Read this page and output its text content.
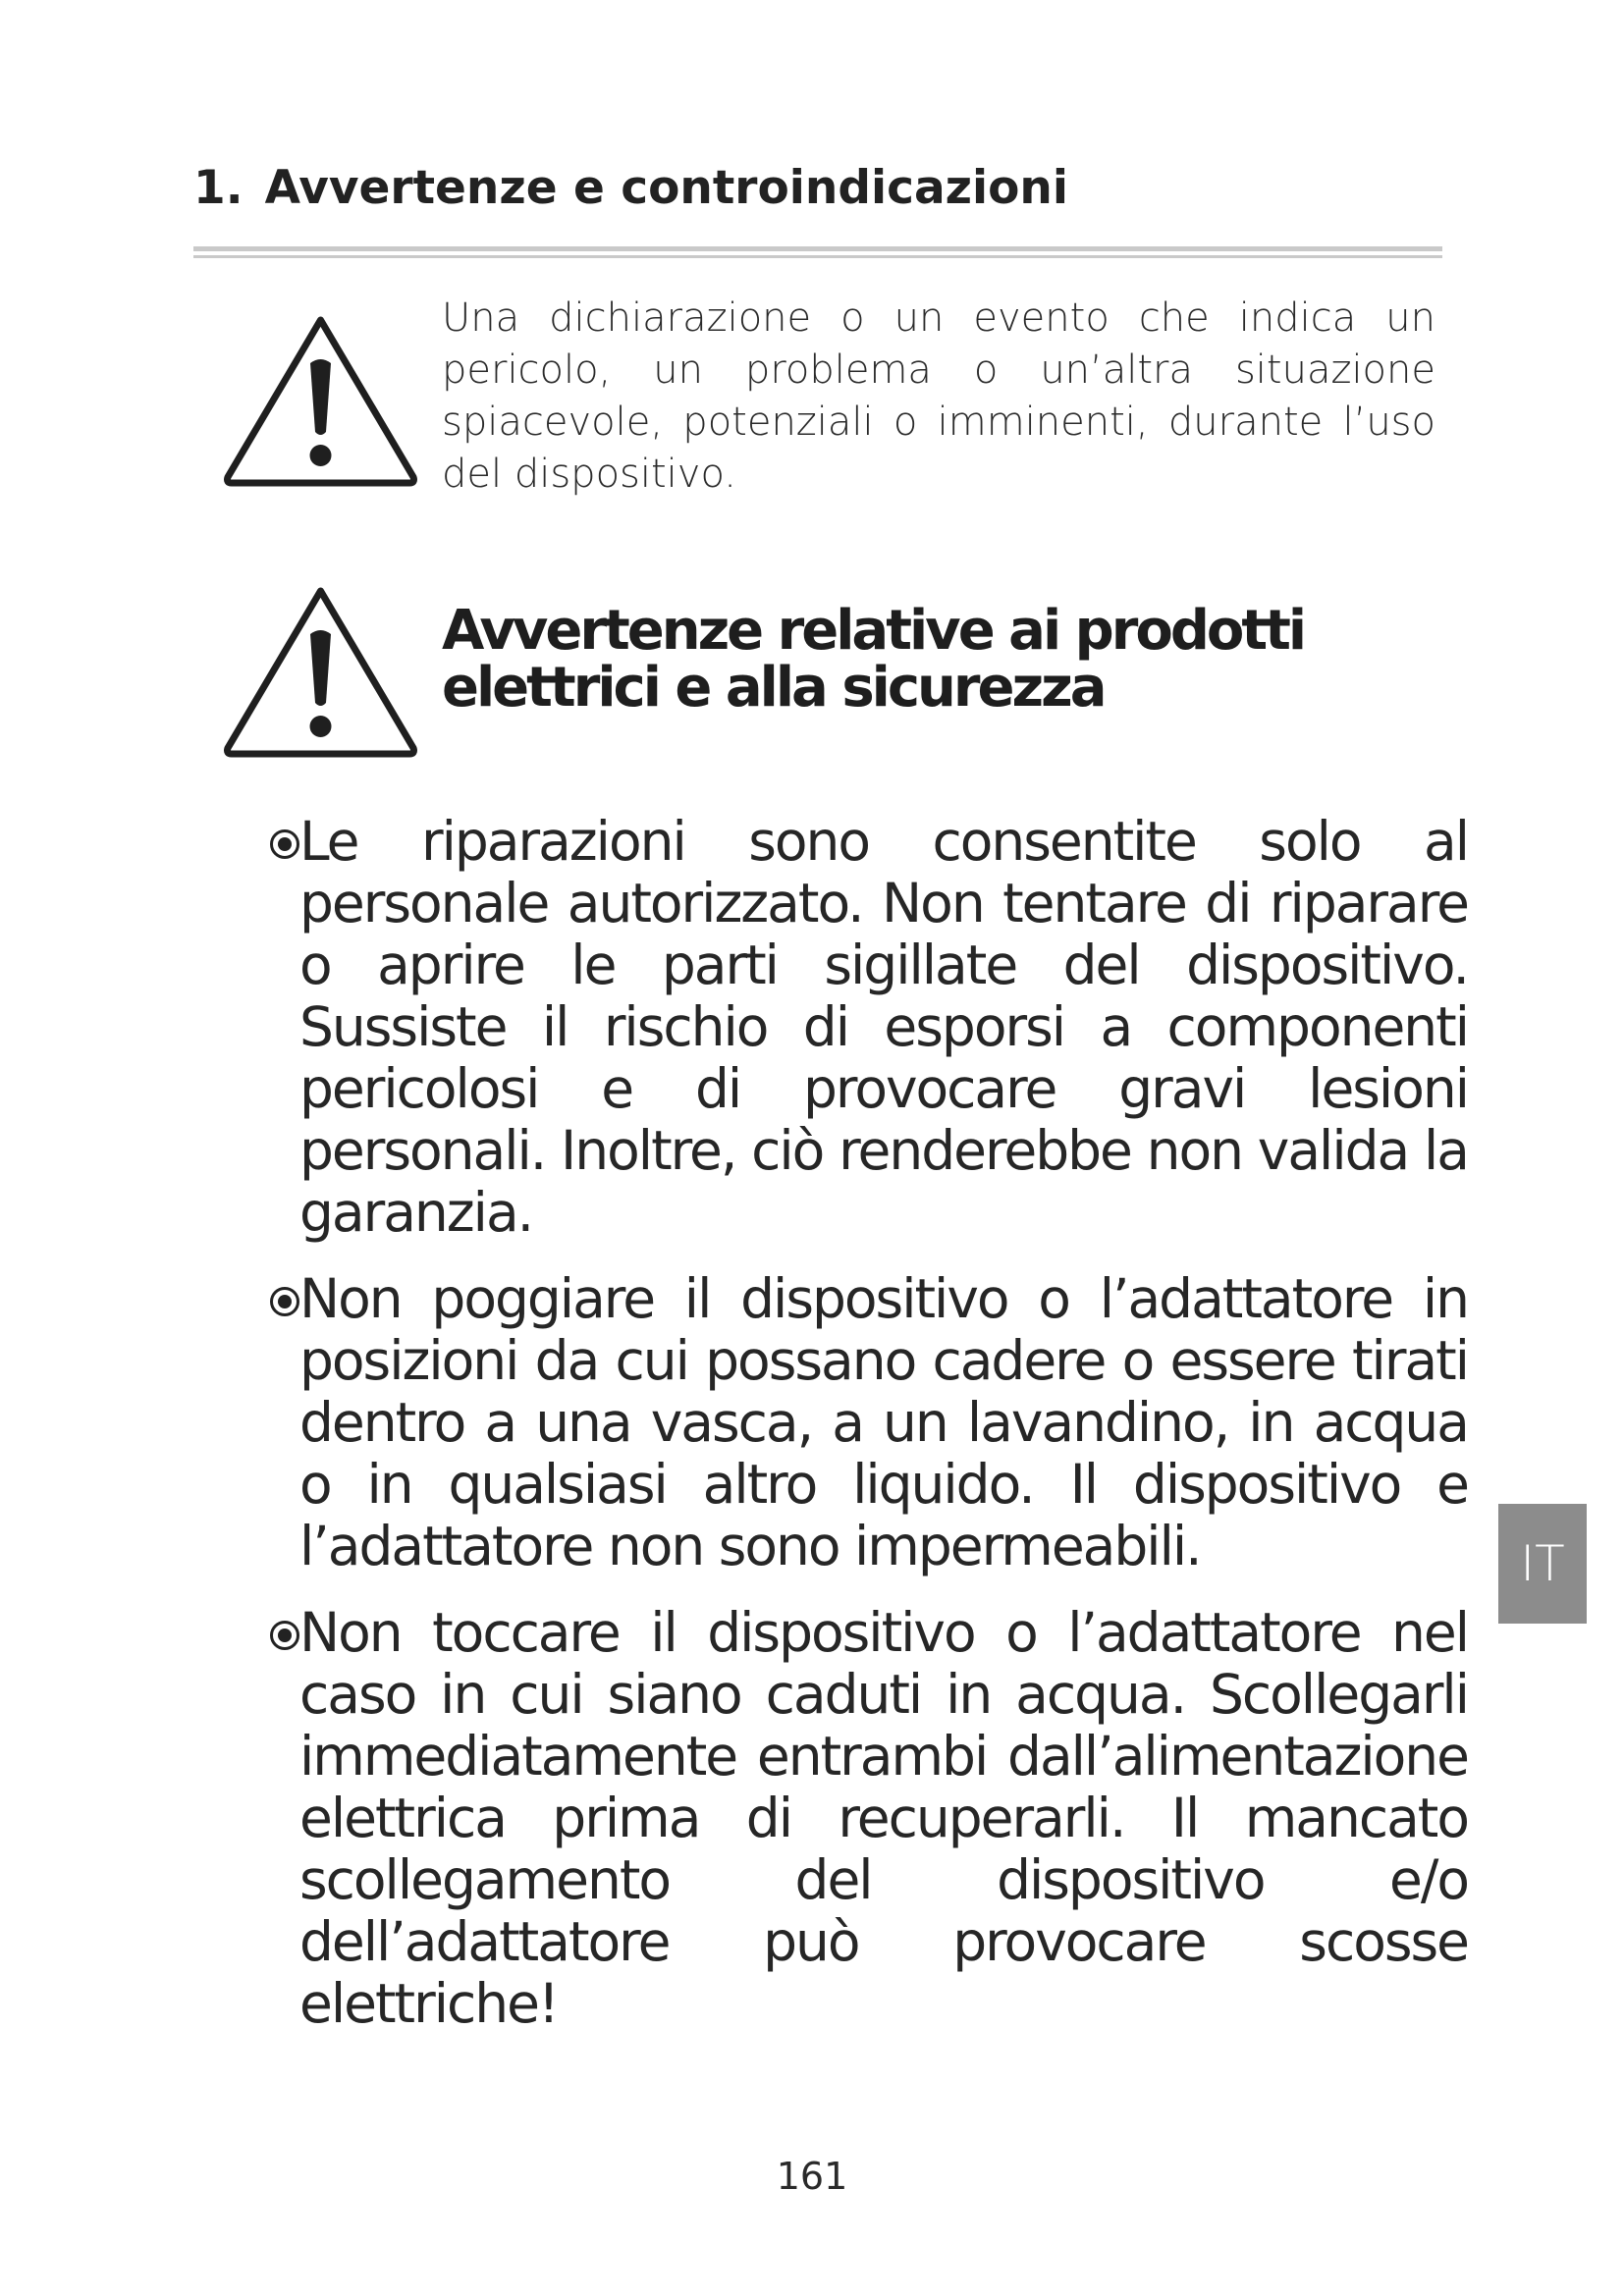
1. Avvertenze e controindicazioni

Una dichiarazione o un evento che indica un pericolo, un problema o un’altra situazione spiacevole, potenziali o imminenti, durante l’uso del dispositivo.

Avvertenze relative ai prodotti elettrici e alla sicurezza
Le riparazioni sono consentite solo al personale autorizzato. Non tentare di riparare o aprire le parti sigillate del dispositivo. Sussiste il rischio di esporsi a componenti pericolosi e di provocare gravi lesioni personali. Inoltre, ciò renderebbe non valida la garanzia.
Non poggiare il dispositivo o l’adattatore in posizioni da cui possano cadere o essere tirati dentro a una vasca, a un lavandino, in acqua o in qualsiasi altro liquido. Il dispositivo e l’adattatore non sono impermeabili.
Non toccare il dispositivo o l’adattatore nel caso in cui siano caduti in acqua. Scollegarli immediatamente entrambi dall’alimentazione elettrica prima di recuperarli. Il mancato scollegamento del dispositivo e/o dell’adattatore può provocare scosse elettriche!
IT
161
